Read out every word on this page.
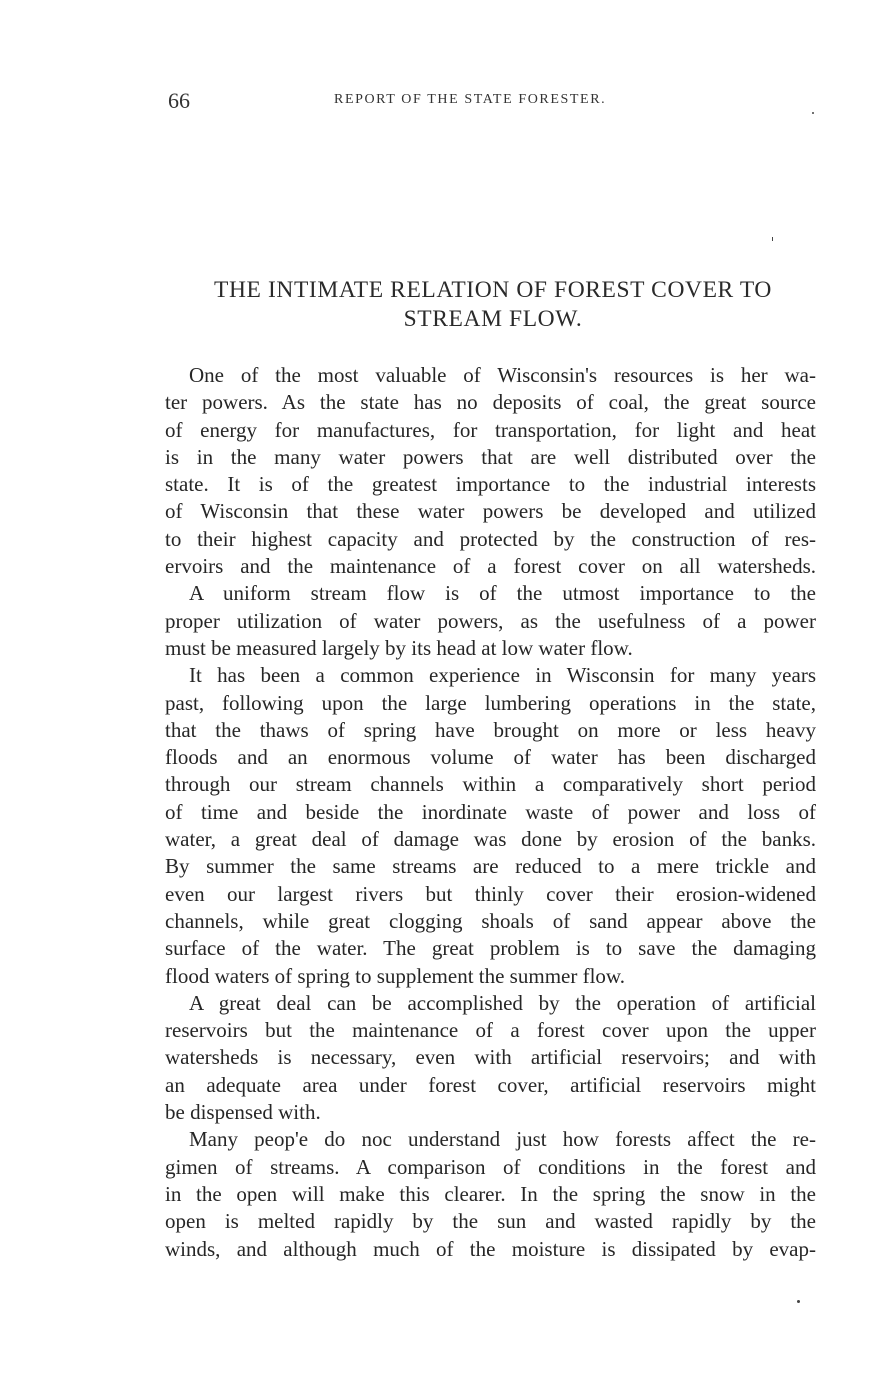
66	REPORT OF THE STATE FORESTER.
THE INTIMATE RELATION OF FOREST COVER TO
STREAM FLOW.

One of the most valuable of Wisconsin's resources is her wa-
ter powers. As the state has no deposits of coal, the great source
of energy for manufactures, for transportation, for light and heat
is in the many water powers that are well distributed over the
state. It is of the greatest importance to the industrial interests
of Wisconsin that these water powers be developed and utilized
to their highest capacity and protected by the construction of res-
ervoirs and the maintenance of a forest cover on all watersheds.

A uniform stream flow is of the utmost importance to the
proper utilization of water powers, as the usefulness of a power
must be measured largely by its head at low water flow.

It has been a common experience in Wisconsin for many years
past, following upon the large lumbering operations in the state,
that the thaws of spring have brought on more or less heavy
floods and an enormous volume of water has been discharged
through our stream channels within a comparatively short period
of time and beside the inordinate waste of power and loss of
water, a great deal of damage was done by erosion of the banks.
By summer the same streams are reduced to a mere trickle and
even our largest rivers but thinly cover their erosion-widened
channels, while great clogging shoals of sand appear above the
surface of the water. The great problem is to save the damaging
flood waters of spring to supplement the summer flow.

A great deal can be accomplished by the operation of artificial
reservoirs but the maintenance of a forest cover upon the upper
watersheds is necessary, even with artificial reservoirs; and with
an adequate area under forest cover, artificial reservoirs might
be dispensed with.

Many peop'e do noc understand just how forests affect the re-
gimen of streams. A comparison of conditions in the forest and
in the open will make this clearer. In the spring the snow in the
open is melted rapidly by the sun and wasted rapidly by the
winds, and although much of the moisture is dissipated by evap-
